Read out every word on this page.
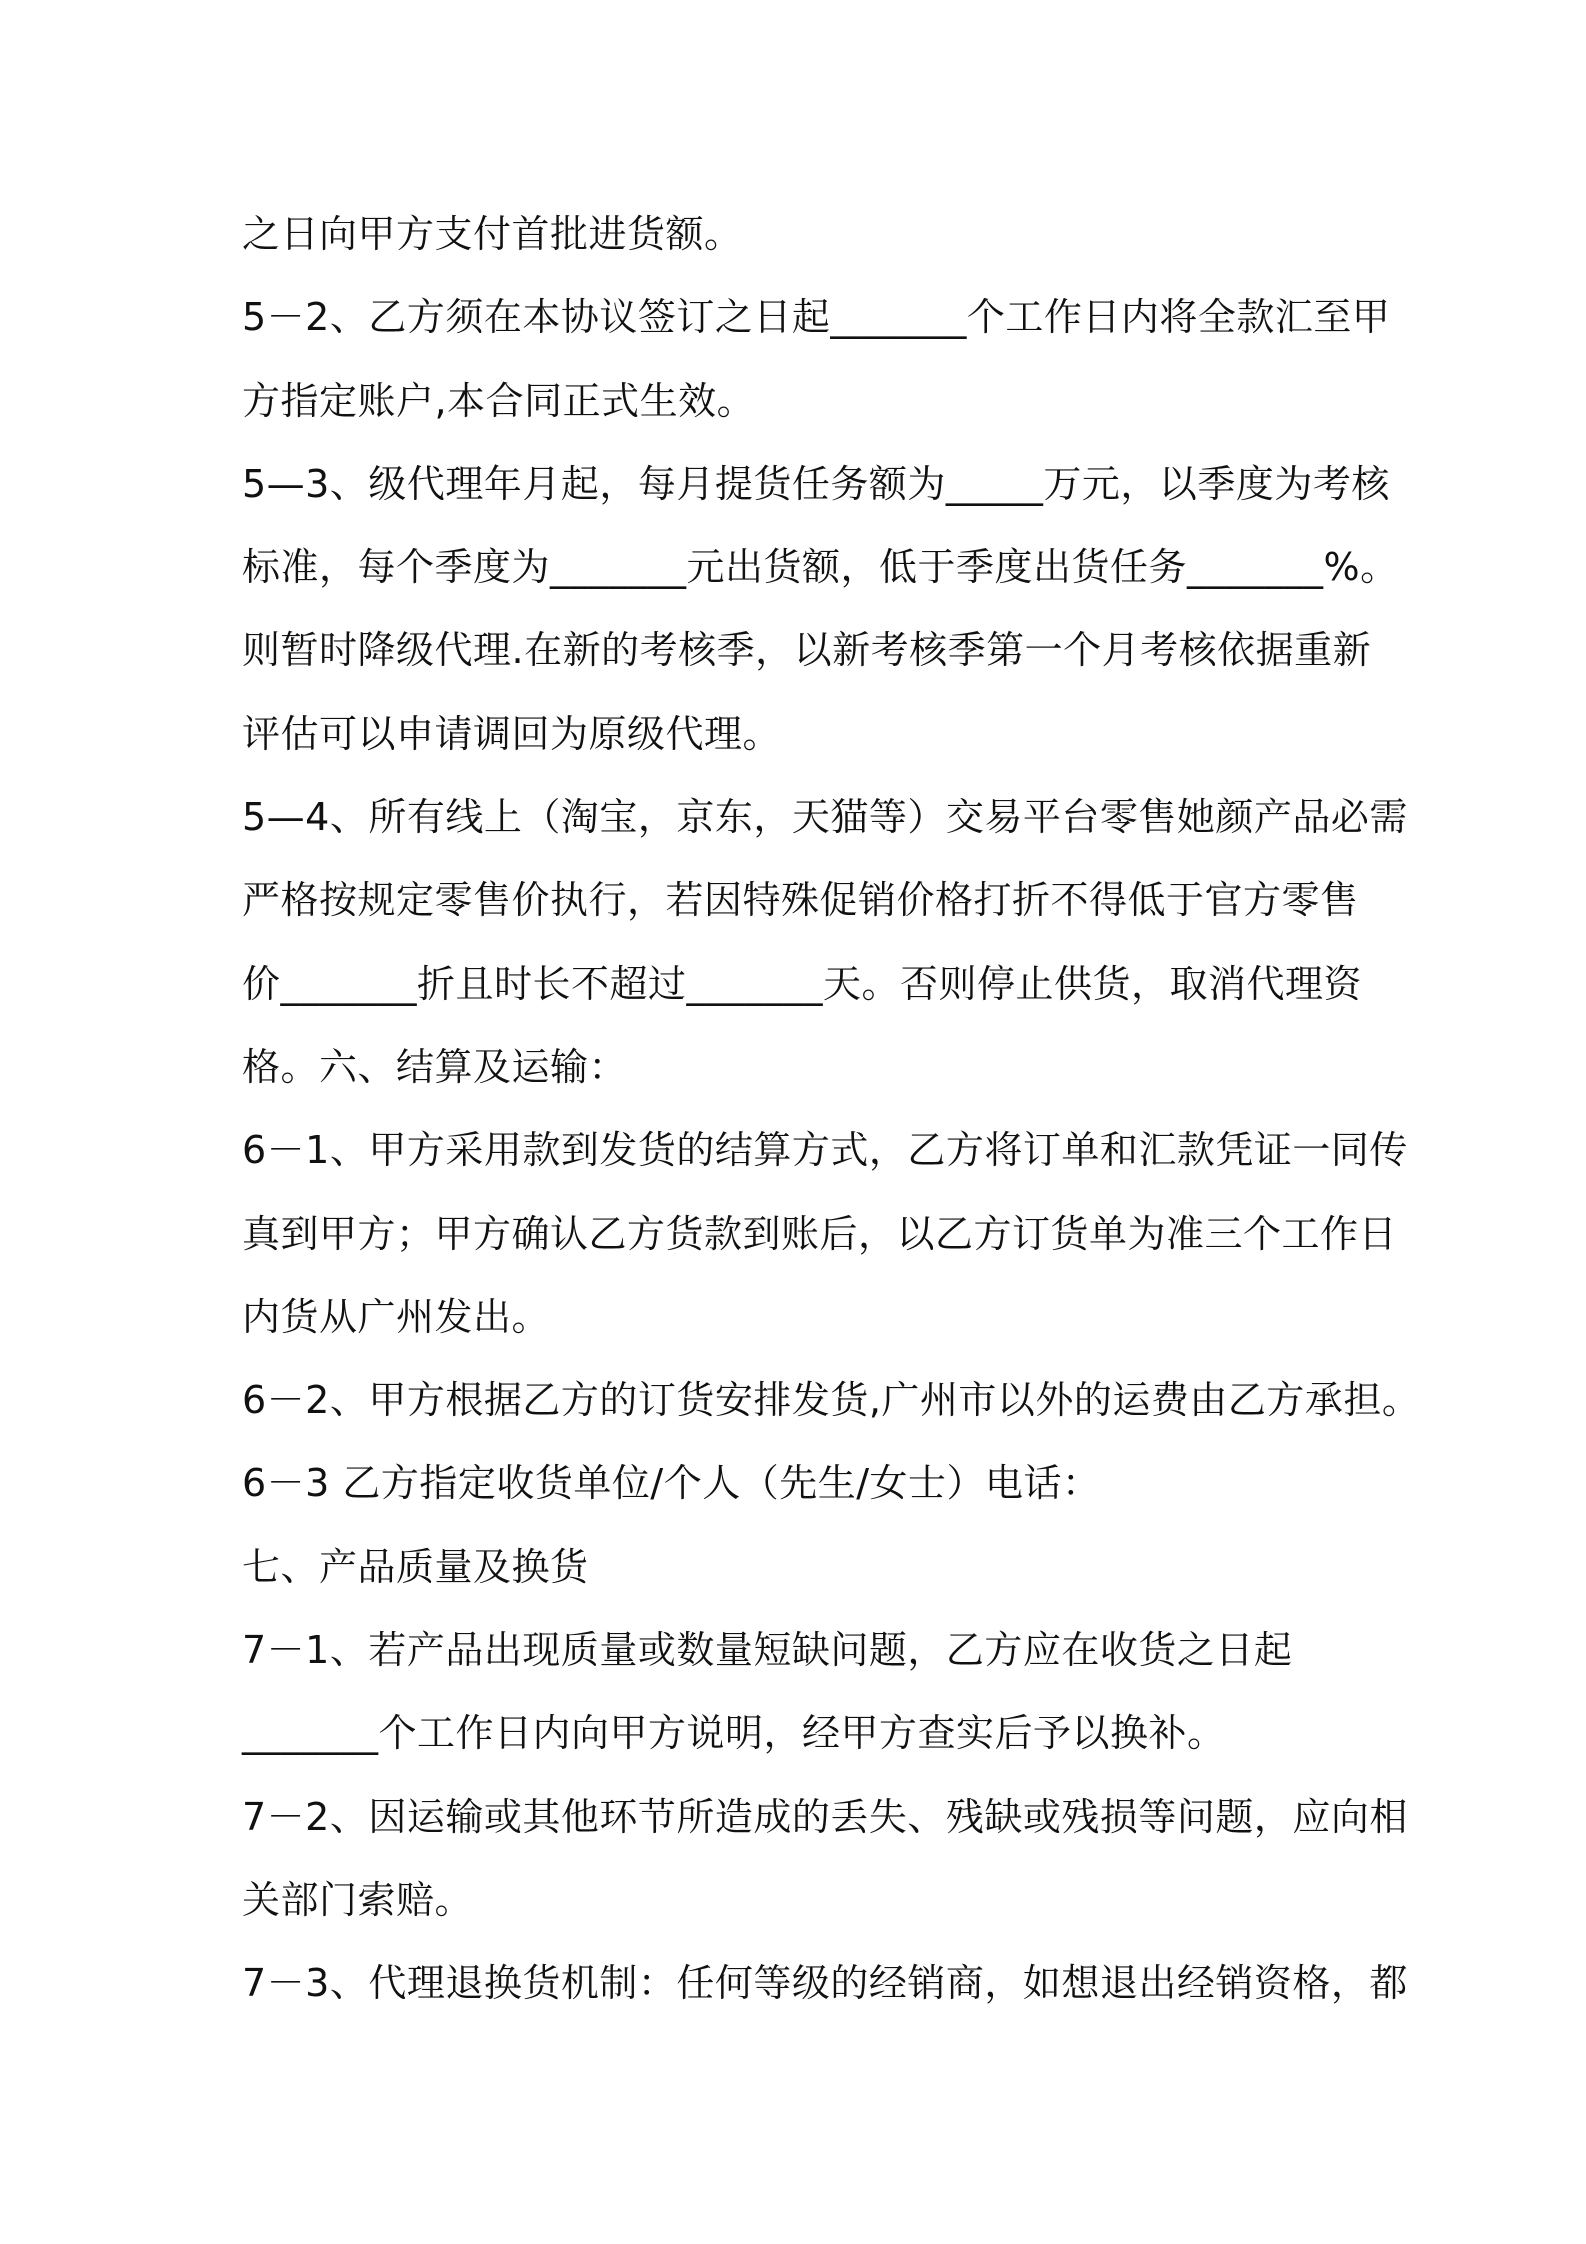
之日向甲方支付首批进货额。
5－2、乙方须在本协议签订之日起_______个工作日内将全款汇至甲
方指定账户,本合同正式生效。
5—3、级代理年月起，每月提货任务额为_____万元，以季度为考核
标准，每个季度为_______元出货额，低于季度出货任务_______%。
则暂时降级代理.在新的考核季，以新考核季第一个月考核依据重新
评估可以申请调回为原级代理。
5—4、所有线上（淘宝，京东，天猫等）交易平台零售她颜产品必需
严格按规定零售价执行，若因特殊促销价格打折不得低于官方零售
价_______折且时长不超过_______天。否则停止供货，取消代理资
格。六、结算及运输：
6－1、甲方采用款到发货的结算方式，乙方将订单和汇款凭证一同传
真到甲方；甲方确认乙方货款到账后，以乙方订货单为准三个工作日
内货从广州发出。
6－2、甲方根据乙方的订货安排发货,广州市以外的运费由乙方承担。
6－3 乙方指定收货单位/个人（先生/女士）电话：
七、产品质量及换货
7－1、若产品出现质量或数量短缺问题，乙方应在收货之日起
_______个工作日内向甲方说明，经甲方查实后予以换补。
7－2、因运输或其他环节所造成的丢失、残缺或残损等问题，应向相
关部门索赔。
7－3、代理退换货机制：任何等级的经销商，如想退出经销资格，都
